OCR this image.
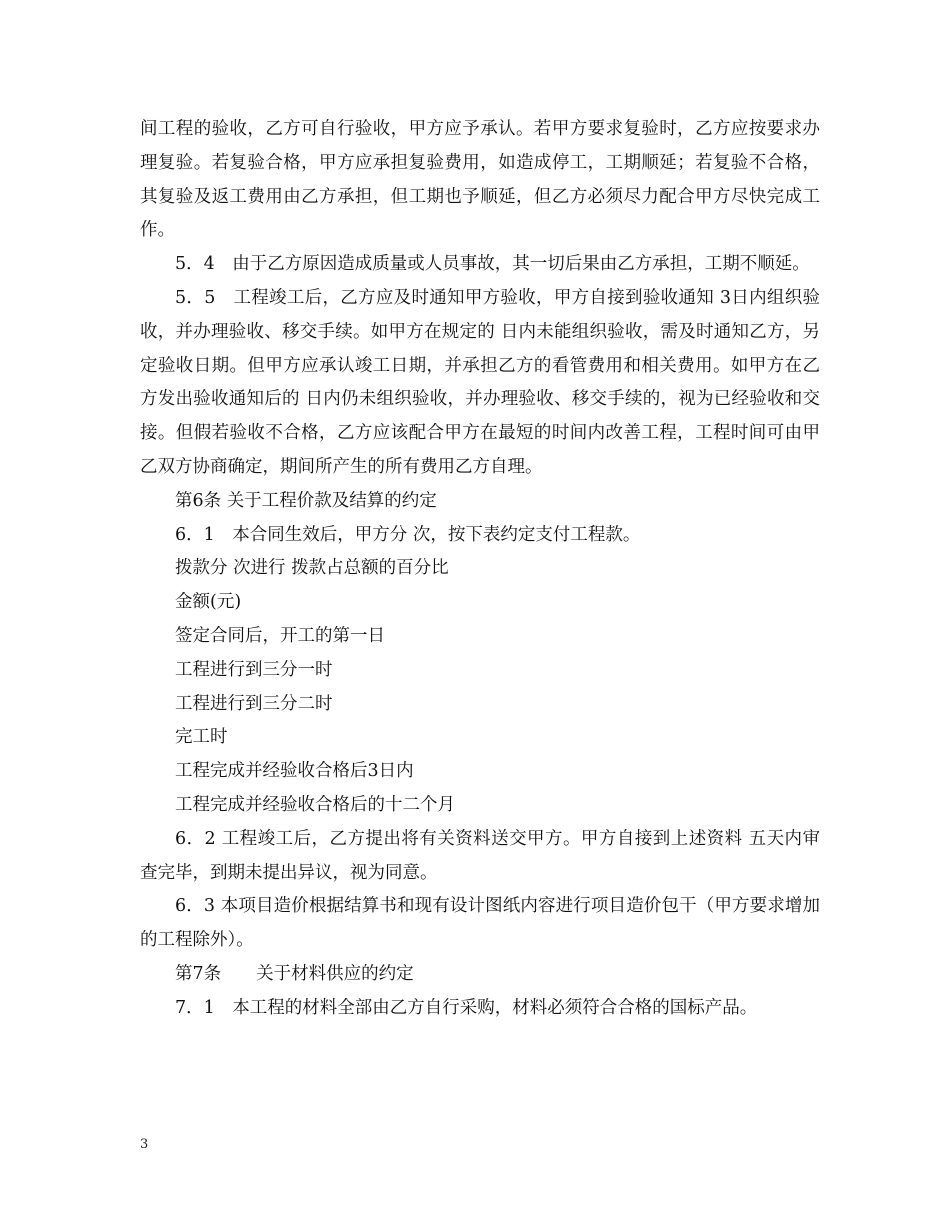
间工程的验收，乙方可自行验收，甲方应予承认。若甲方要求复验时，乙方应按要求办理复验。若复验合格，甲方应承担复验费用，如造成停工，工期顺延；若复验不合格，其复验及返工费用由乙方承担，但工期也予顺延，但乙方必须尽力配合甲方尽快完成工作。

5．4　由于乙方原因造成质量或人员事故，其一切后果由乙方承担，工期不顺延。

5．5　工程竣工后，乙方应及时通知甲方验收，甲方自接到验收通知 3日内组织验收，并办理验收、移交手续。如甲方在规定的 日内未能组织验收，需及时通知乙方，另定验收日期。但甲方应承认竣工日期，并承担乙方的看管费用和相关费用。如甲方在乙方发出验收通知后的 日内仍未组织验收，并办理验收、移交手续的，视为已经验收和交接。但假若验收不合格，乙方应该配合甲方在最短的时间内改善工程，工程时间可由甲乙双方协商确定，期间所产生的所有费用乙方自理。

第6条 关于工程价款及结算的约定

6．1　本合同生效后，甲方分 次，按下表约定支付工程款。

拨款分 次进行 拨款占总额的百分比

金额(元)

签定合同后，开工的第一日

工程进行到三分一时

工程进行到三分二时

完工时

工程完成并经验收合格后3日内

工程完成并经验收合格后的十二个月

6．2 工程竣工后，乙方提出将有关资料送交甲方。甲方自接到上述资料 五天内审查完毕，到期未提出异议，视为同意。

6．3 本项目造价根据结算书和现有设计图纸内容进行项目造价包干（甲方要求增加的工程除外）。

第7条　　关于材料供应的约定

7．1　本工程的材料全部由乙方自行采购，材料必须符合合格的国标产品。

3
